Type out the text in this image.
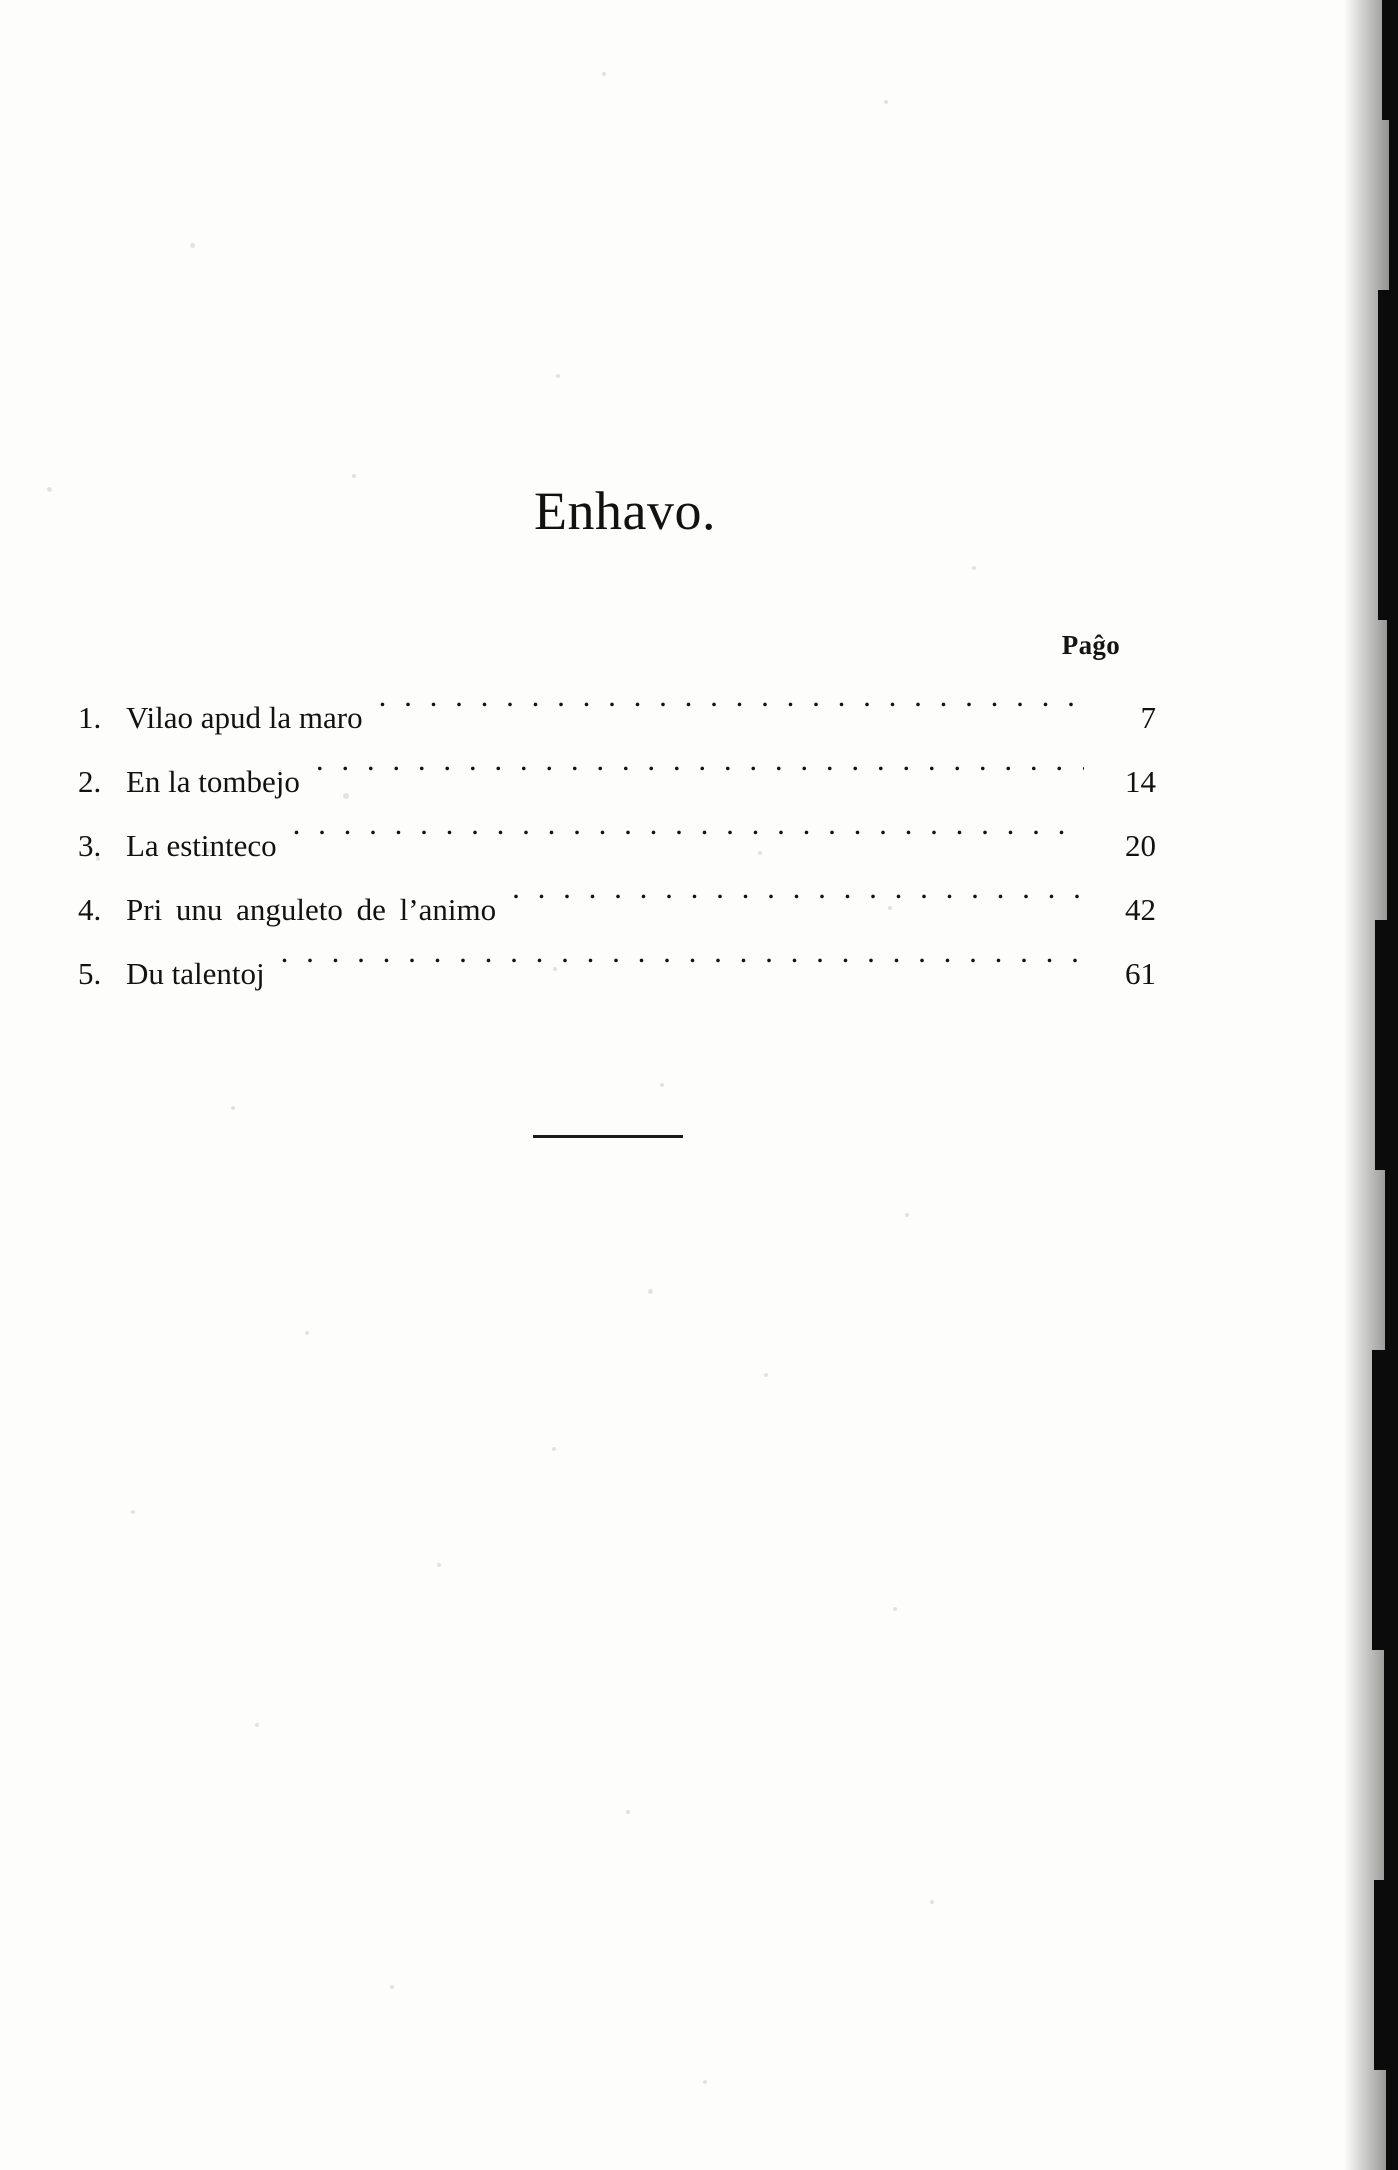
Enhavo.
Paĝo
1. Vilao apud la maro . . .	7
2. En la tombejo . . .	14
3. La estinteco . . .	20
4. Pri unu anguleto de l’animo . . .	42
5. Du talentoj . . .	61
